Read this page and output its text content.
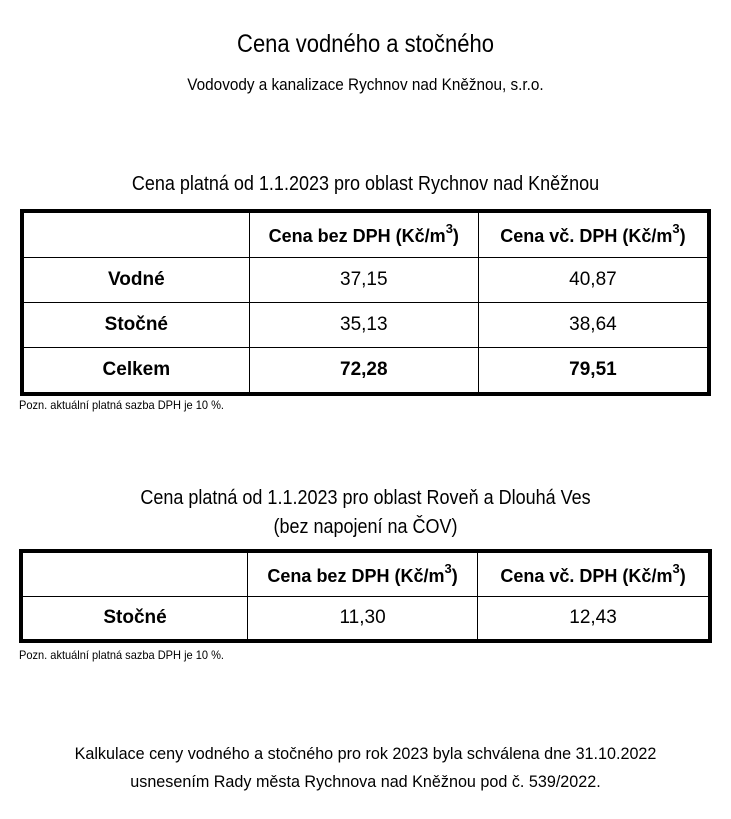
Cena vodného a stočného
Vodovody a kanalizace Rychnov nad Kněžnou, s.r.o.
Cena platná od 1.1.2023 pro oblast Rychnov nad Kněžnou
	Cena bez DPH $(Kč/m^3)$	Cena vč. DPH $(Kč/m^3)$
Vodné	37,15	40,87
Stočné	35,13	38,64
Celkem	72,28	79,51
Pozn. aktuální platná sazba DPH je 10 %.
Cena platná od 1.1.2023 pro oblast Roveň a Dlouhá Ves
(bez napojení na ČOV)
	Cena bez DPH $(Kč/m^3)$	Cena vč. DPH $(Kč/m^3)$
Stočné	11,30	12,43
Pozn. aktuální platná sazba DPH je 10 %.
Kalkulace ceny vodného a stočného pro rok 2023 byla schválena dne 31.10.2022
usnesením Rady města Rychnova nad Kněžnou pod č. 539/2022.
